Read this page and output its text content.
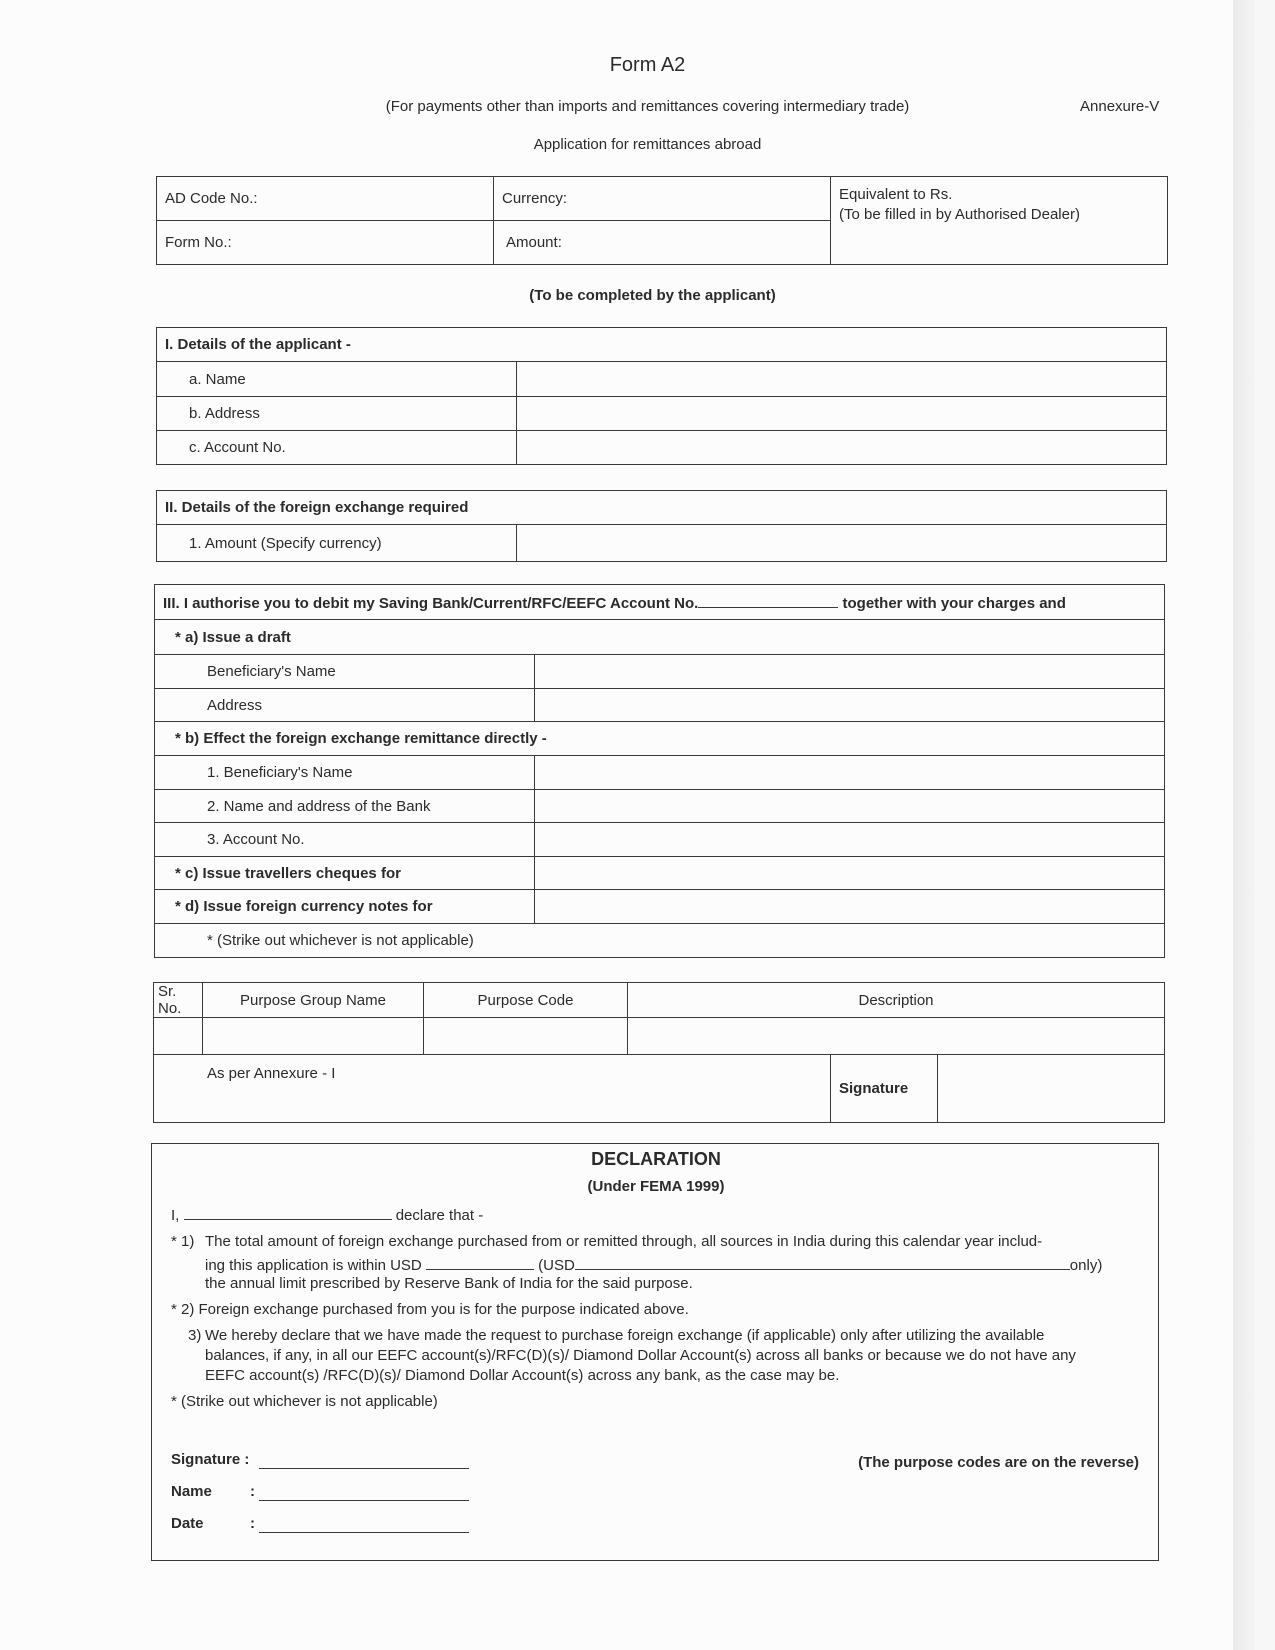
Form A2
(For payments other than imports and remittances covering intermediary trade)	Annexure-V
Application for remittances abroad
AD Code No.:	Currency:	Equivalent to Rs.
(To be filled in by Authorised Dealer)

Form No.:	Amount:	
(To be completed by the applicant)
I. Details of the applicant -	
a. Name	
b. Address	
c. Account No.	
II. Details of the foreign exchange required
1. Amount (Specify currency)	
III. I authorise you to debit my Saving Bank/Current/RFC/EEFC Account No. together with your charges and	
* a) Issue a draft	
Beneficiary's Name	
Address	
* b) Effect the foreign exchange remittance directly -	
1. Beneficiary's Name	
2. Name and address of the Bank	
3. Account No.	
* c) Issue travellers cheques for	
* d) Issue foreign currency notes for	
* (Strike out whichever is not applicable)	
Sr. No.	Purpose Group Name	Purpose Code	Description

As per Annexure - I	Signature	
DECLARATION
(Under FEMA 1999)
I,	declare that -
* 1) The total amount of foreign exchange purchased from or remitted through, all sources in India during this calendar year includ-
ing this application is within USD	(USD	only)
the annual limit prescribed by Reserve Bank of India for the said purpose.
* 2) Foreign exchange purchased from you is for the purpose indicated above.
3) We hereby declare that we have made the request to purchase foreign exchange (if applicable) only after utilizing the available
balances, if any, in all our EEFC account(s)/RFC(D)(s)/ Diamond Dollar Account(s) across all banks or because we do not have any
EEFC account(s) /RFC(D)(s)/ Diamond Dollar Account(s) across any bank, as the case may be.
* (Strike out whichever is not applicable)
Signature :
Name	:
Date	:
(The purpose codes are on the reverse)
